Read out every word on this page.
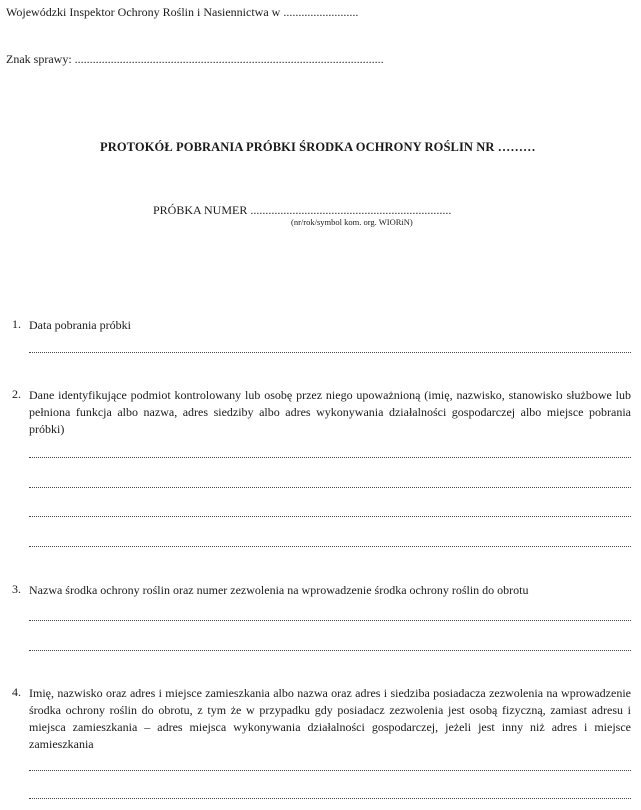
Wojewódzki Inspektor Ochrony Roślin i Nasiennictwa w .........................
Znak sprawy: .......................................................................................................
PROTOKÓŁ POBRANIA PRÓBKI ŚRODKA OCHRONY ROŚLIN NR ………
PRÓBKA NUMER ...................................................................
(nr/rok/symbol kom. org. WIORiN)
1. Data pobrania próbki
2. Dane identyfikujące podmiot kontrolowany lub osobę przez niego upoważnioną (imię, nazwisko, stanowisko służbowe lub pełniona funkcja albo nazwa, adres siedziby albo adres wykonywania działalności gospodarczej albo miejsce pobrania próbki)
3. Nazwa środka ochrony roślin oraz numer zezwolenia na wprowadzenie środka ochrony roślin do obrotu
4. Imię, nazwisko oraz adres i miejsce zamieszkania albo nazwa oraz adres i siedziba posiadacza zezwolenia na wprowadzenie środka ochrony roślin do obrotu, z tym że w przypadku gdy posiadacz zezwolenia jest osobą fizyczną, zamiast adresu i miejsca zamieszkania – adres miejsca wykonywania działalności gospodarczej, jeżeli jest inny niż adres i miejsce zamieszkania
